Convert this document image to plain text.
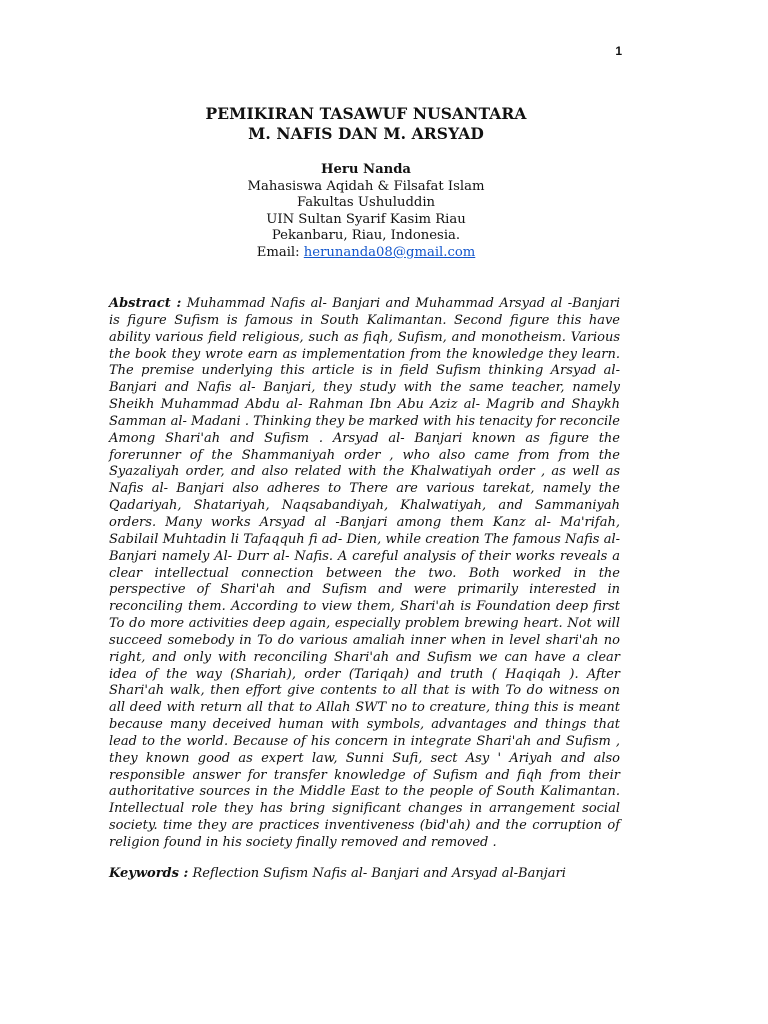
1
PEMIKIRAN TASAWUF NUSANTARA
M. NAFIS DAN M. ARSYAD
Heru Nanda
Mahasiswa Aqidah & Filsafat Islam
Fakultas Ushuluddin
UIN Sultan Syarif Kasim Riau
Pekanbaru, Riau, Indonesia.
Email: herunanda08@gmail.com

Abstract : Muhammad Nafis al- Banjari and Muhammad Arsyad al -Banjari is figure Sufism is famous in South Kalimantan. Second figure this have ability various field religious, such as fiqh, Sufism, and monotheism. Various the book they wrote earn as implementation from the knowledge they learn. The premise underlying this article is in field Sufism thinking Arsyad al- Banjari and Nafis al- Banjari, they study with the same teacher, namely Sheikh Muhammad Abdu al- Rahman Ibn Abu Aziz al- Magrib and Shaykh Samman al- Madani . Thinking they be marked with his tenacity for reconcile Among Shari'ah and Sufism . Arsyad al- Banjari known as figure the forerunner of the Shammaniyah order , who also came from from the Syazaliyah order, and also related with the Khalwatiyah order , as well as Nafis al- Banjari also adheres to There are various tarekat, namely the Qadariyah, Shatariyah, Naqsabandiyah, Khalwatiyah, and Sammaniyah orders. Many works Arsyad al -Banjari among them Kanz al- Ma'rifah, Sabilail Muhtadin li Tafaqquh fi ad- Dien, while creation The famous Nafis al- Banjari namely Al- Durr al- Nafis. A careful analysis of their works reveals a clear intellectual connection between the two. Both worked in the perspective of Shari'ah and Sufism and were primarily interested in reconciling them. According to view them, Shari'ah is Foundation deep first To do more activities deep again, especially problem brewing heart. Not will succeed somebody in To do various amaliah inner when in level shari'ah no right, and only with reconciling Shari'ah and Sufism we can have a clear idea of the way (Shariah), order (Tariqah) and truth ( Haqiqah ). After Shari'ah walk, then effort give contents to all that is with To do witness on all deed with return all that to Allah SWT no to creature, thing this is meant because many deceived human with symbols, advantages and things that lead to the world. Because of his concern in integrate Shari'ah and Sufism , they known good as expert law, Sunni Sufi, sect Asy ' Ariyah and also responsible answer for transfer knowledge of Sufism and fiqh from their authoritative sources in the Middle East to the people of South Kalimantan. Intellectual role they has bring significant changes in arrangement social society. time they are practices inventiveness (bid'ah) and the corruption of religion found in his society finally removed and removed .

Keywords : Reflection Sufism Nafis al- Banjari and Arsyad al-Banjari
